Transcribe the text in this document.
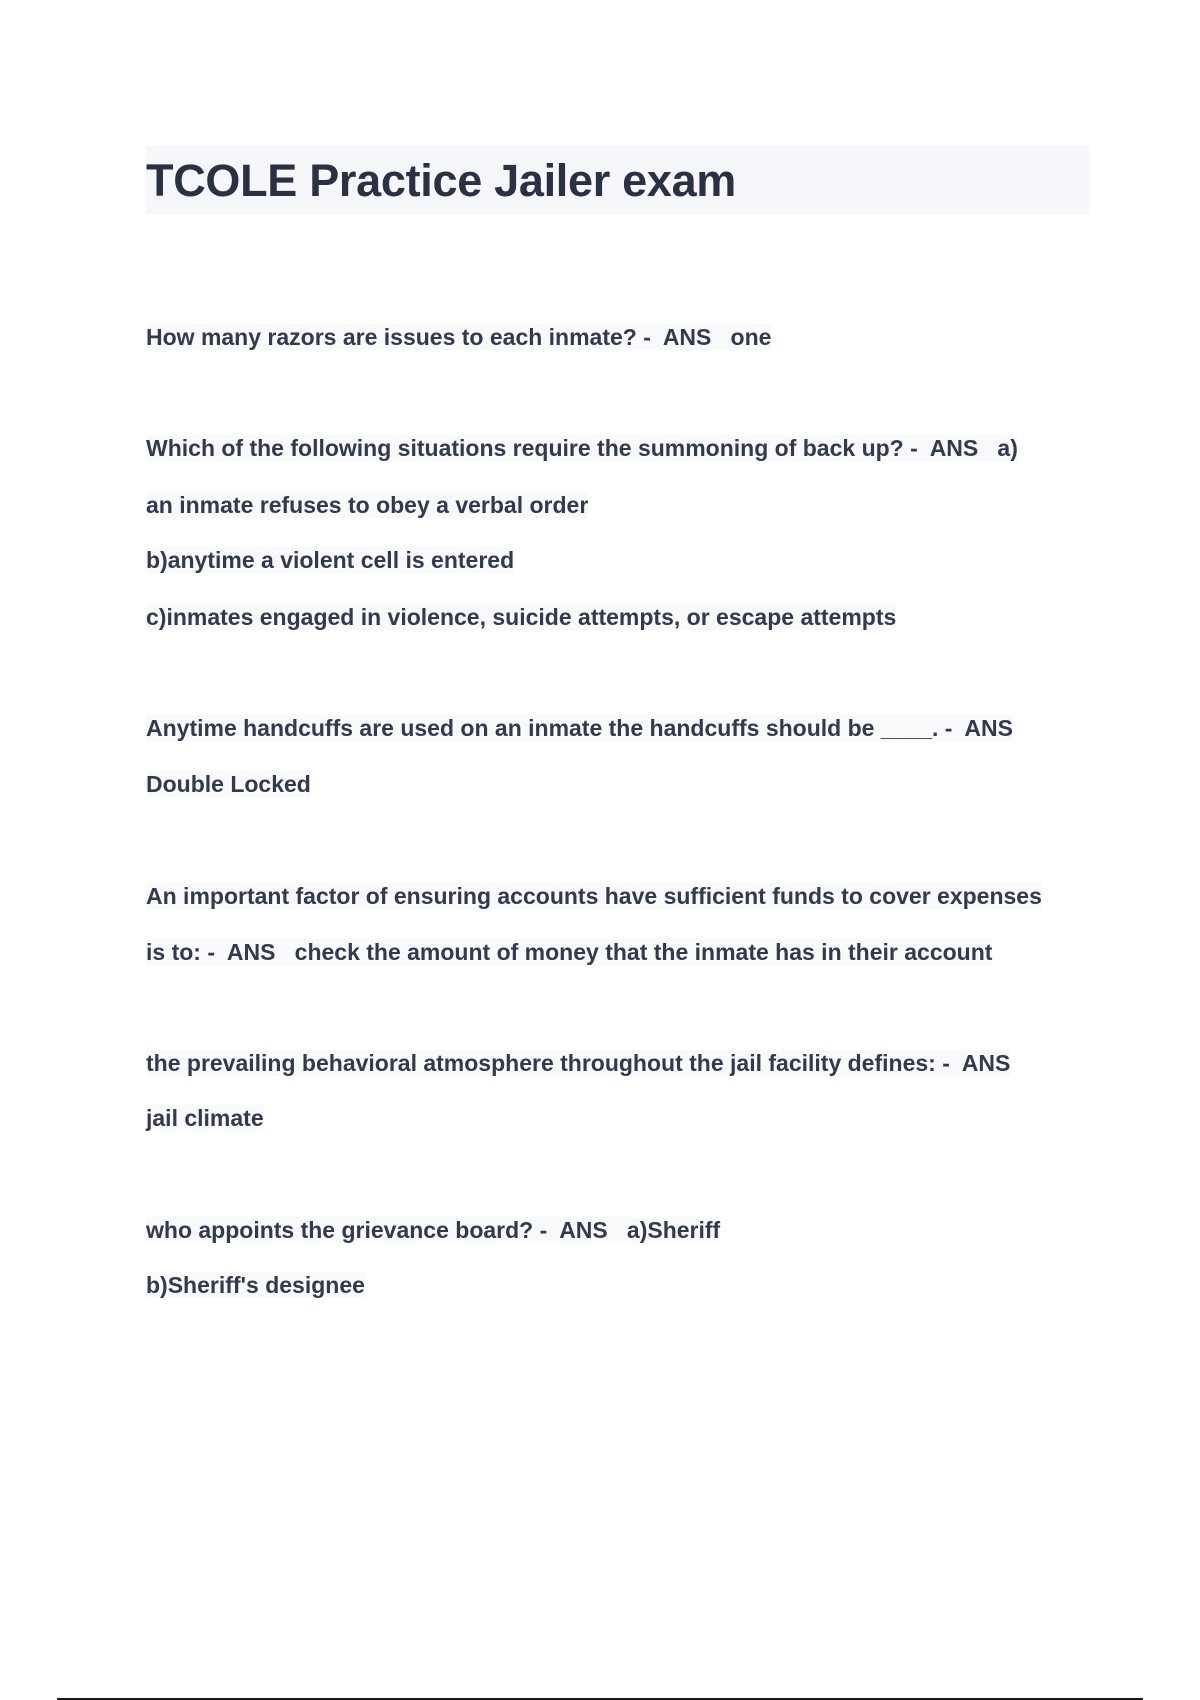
TCOLE Practice Jailer exam

How many razors are issues to each inmate? -  ANS   one

Which of the following situations require the summoning of back up? -  ANS   a)

an inmate refuses to obey a verbal order

b)anytime a violent cell is entered

c)inmates engaged in violence, suicide attempts, or escape attempts

Anytime handcuffs are used on an inmate the handcuffs should be ____. -  ANS

Double Locked

An important factor of ensuring accounts have sufficient funds to cover expenses

is to: -  ANS   check the amount of money that the inmate has in their account

the prevailing behavioral atmosphere throughout the jail facility defines: -  ANS

jail climate

who appoints the grievance board? -  ANS   a)Sheriff

b)Sheriff's designee
